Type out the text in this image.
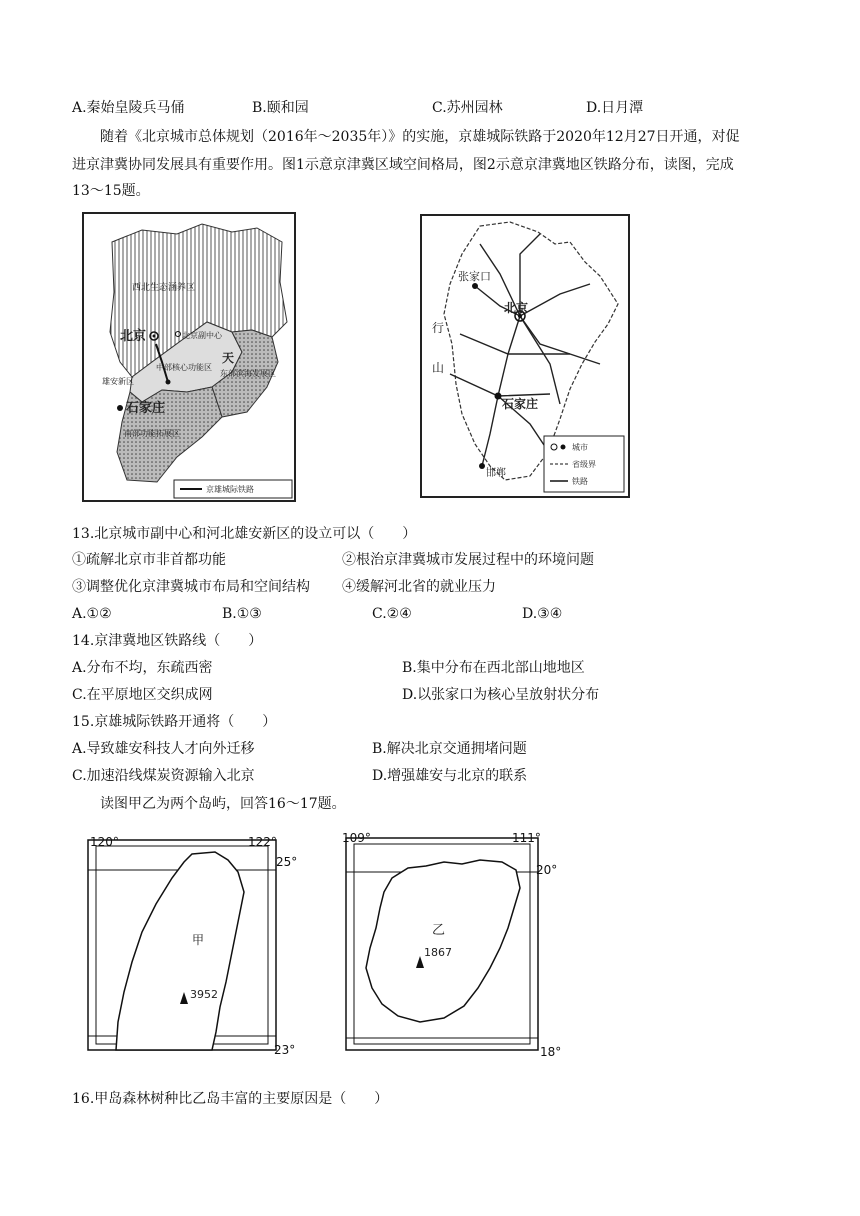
A.秦始皇陵兵马俑	B.颐和园	C.苏州园林	D.日月潭
随着《北京城市总体规划（2016年～2035年）》的实施，京雄城际铁路于2020年12月27日开通，对促
进京津冀协同发展具有重要作用。图1示意京津冀区域空间格局，图2示意京津冀地区铁路分布，读图，完成
13～15题。
西北生态涵养区
北京	北京副中心
中部核心功能区
东部滨海发展区
天
雄安新区
石家庄
南部功能拓展区
京雄城际铁路
张家口
北京
石家庄
邯郸
行
山
城市
省级界
铁路
13.北京城市副中心和河北雄安新区的设立可以（　　）
①疏解北京市非首都功能	②根治京津冀城市发展过程中的环境问题
③调整优化京津冀城市布局和空间结构 ④缓解河北省的就业压力
A.①②	B.①③	C.②④	D.③④
14.京津冀地区铁路线（　　）
A.分布不均，东疏西密	B.集中分布在西北部山地地区
C.在平原地区交织成网	D.以张家口为核心呈放射状分布
15.京雄城际铁路开通将（　　）
A.导致雄安科技人才向外迁移	B.解决北京交通拥堵问题
C.加速沿线煤炭资源输入北京	D.增强雄安与北京的联系
读图甲乙为两个岛屿，回答16～17题。
120°	122°
25°
23°
甲
3952
109°	111°
20°
18°
乙
1867
16.甲岛森林树种比乙岛丰富的主要原因是（　　）
